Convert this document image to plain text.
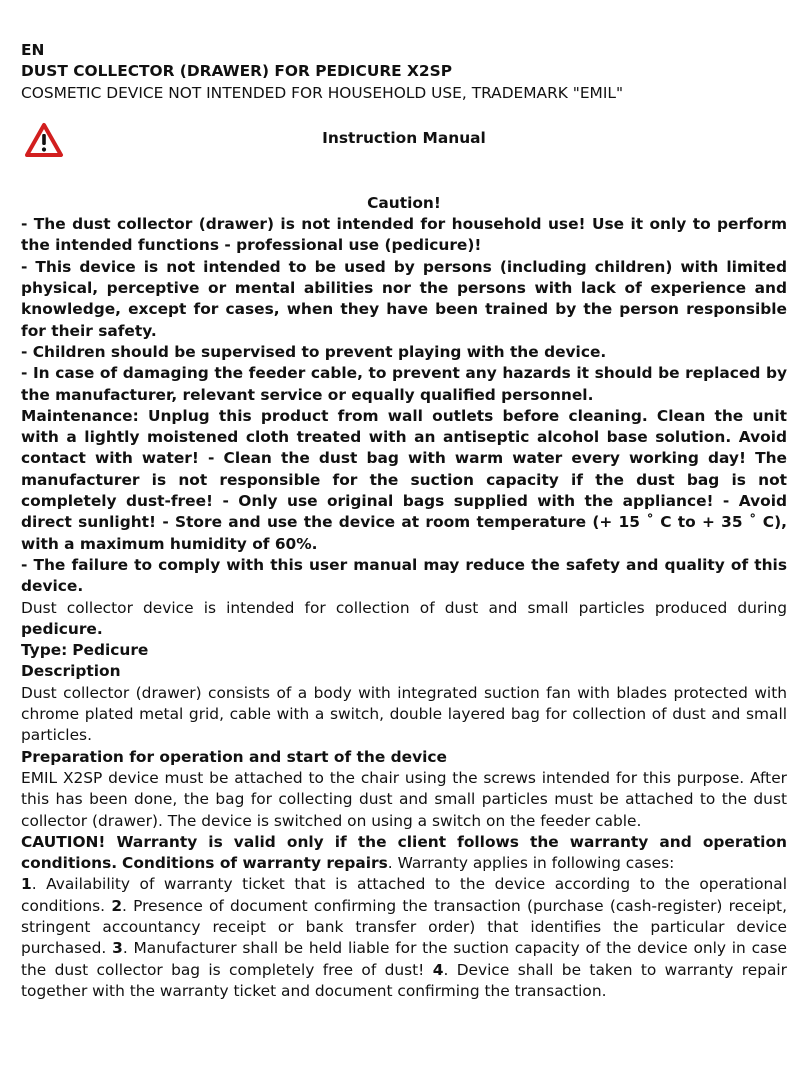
EN
DUST COLLECTOR (DRAWER) FOR PEDICURE X2SP
COSMETIC DEVICE NOT INTENDED FOR HOUSEHOLD USE, TRADEMARK "EMIL"
Instruction Manual
Caution!
- The dust collector (drawer) is not intended for household use! Use it only to perform the intended functions - professional use (pedicure)!
- This device is not intended to be used by persons (including children) with limited physical, perceptive or mental abilities nor the persons with lack of experience and knowledge, except for cases, when they have been trained by the person responsible for their safety.
- Children should be supervised to prevent playing with the device.
- In case of damaging the feeder cable, to prevent any hazards it should be replaced by the manufacturer, relevant service or equally qualified personnel.
Maintenance: Unplug this product from wall outlets before cleaning. Clean the unit with a lightly moistened cloth treated with an antiseptic alcohol base solution. Avoid contact with water! - Clean the dust bag with warm water every working day! The manufacturer is not responsible for the suction capacity if the dust bag is not completely dust-free! - Only use original bags supplied with the appliance! - Avoid direct sunlight! - Store and use the device at room temperature (+ 15 ˚ C to + 35 ˚ C), with a maximum humidity of 60%.
- The failure to comply with this user manual may reduce the safety and quality of this device.
Dust collector device is intended for collection of dust and small particles produced during
pedicure.
Type: Pedicure
Description
Dust collector (drawer) consists of a body with integrated suction fan with blades protected with chrome plated metal grid, cable with a switch, double layered bag for collection of dust and small particles.
Preparation for operation and start of the device
EMIL X2SP device must be attached to the chair using the screws intended for this purpose. After this has been done, the bag for collecting dust and small particles must be attached to the dust collector (drawer). The device is switched on using a switch on the feeder cable.
CAUTION! Warranty is valid only if the client follows the warranty and operation conditions. Conditions of warranty repairs. Warranty applies in following cases:
1. Availability of warranty ticket that is attached to the device according to the operational conditions. 2. Presence of document confirming the transaction (purchase (cash-register) receipt, stringent accountancy receipt or bank transfer order) that identifies the particular device purchased. 3. Manufacturer shall be held liable for the suction capacity of the device only in case the dust collector bag is completely free of dust! 4. Device shall be taken to warranty repair together with the warranty ticket and document confirming the transaction.
